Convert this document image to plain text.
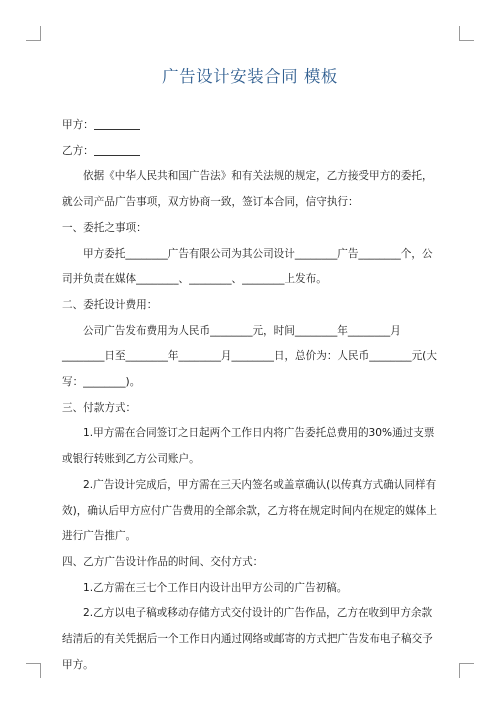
广告设计安装合同 模板
甲方：
乙方：

依据《中华人民共和国广告法》和有关法规的规定，乙方接受甲方的委托，就公司产品广告事项，双方协商一致，签订本合同，信守执行：

一、委托之事项：

甲方委托________广告有限公司为其公司设计________广告________个，公司并负责在媒体________、________、________上发布。

二、委托设计费用：

公司广告发布费用为人民币________元，时间________年________月________日至________年________月________日，总价为：人民币________元(大写：________)。

三、付款方式：

1.甲方需在合同签订之日起两个工作日内将广告委托总费用的30%通过支票或银行转账到乙方公司账户。

2.广告设计完成后，甲方需在三天内签名或盖章确认(以传真方式确认同样有效)，确认后甲方应付广告费用的全部余款，乙方将在规定时间内在规定的媒体上进行广告推广。

四、乙方广告设计作品的时间、交付方式：

1.乙方需在三七个工作日内设计出甲方公司的广告初稿。

2.乙方以电子稿或移动存储方式交付设计的广告作品，乙方在收到甲方余款结清后的有关凭据后一个工作日内通过网络或邮寄的方式把广告发布电子稿交予甲方。
